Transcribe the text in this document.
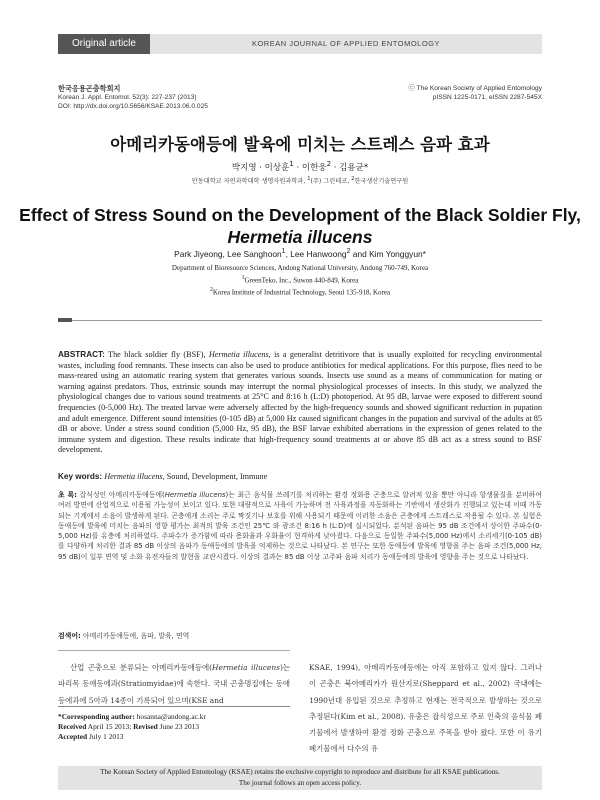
Original article	KOREAN JOURNAL OF APPLIED ENTOMOLOGY
한국응용곤충학회지
Korean J. Appl. Entomol. 52(3): 227-237 (2013)
DOI: http://dx.doi.org/10.5656/KSAE.2013.06.0.025
ⓒ The Korean Society of Applied Entomology
pISSN 1225-0171, eISSN 2287-545X
아메리카동애등에 발육에 미치는 스트레스 음파 효과
박지영 · 이상훈$^1$ · 이한웅$^2$ · 김용균*
안동대학교 자연과학대학 생명자원과학과, $^1$(주) 그린테코, $^2$한국생산기술연구원
Effect of Stress Sound on the Development of the Black Soldier Fly,
Hermetia illucens
Park Jiyeong, Lee Sanghoon$^1$, Lee Hanwoong$^2$ and Kim Yonggyun*
Department of Bioresource Sciences, Andong National University, Andong 760-749, Korea
$^1$GreenTeko, Inc., Suwon 440-849, Korea
$^2$Korea Institute of Industrial Technology, Seoul 135-918, Korea
ABSTRACT: The black soldier fly (BSF), Hermetia illucens, is a generalist detritivore that is usually exploited for recycling environmental wastes, including food remnants. These insects can also be used to produce antibiotics for medical applications. For this purpose, flies need to be mass-reared using an automatic rearing system that generates various sounds. Insects use sound as a means of communication for mating or warning against predators. Thus, extrinsic sounds may interrupt the normal physiological processes of insects. In this study, we analyzed the physiological changes due to various sound treatments at 25°C and 8:16 h (L:D) photoperiod. At 95 dB, larvae were exposed to different sound frequencies (0-5,000 Hz). The treated larvae were adversely affected by the high-frequency sounds and showed significant reduction in pupation and adult emergence. Different sound intensities (0-105 dB) at 5,000 Hz caused significant changes in the pupation and survival of the adults at 85 dB or above. Under a stress sound condition (5,000 Hz, 95 dB), the BSF larvae exhibited aberrations in the expression of genes related to the immune system and digestion. These results indicate that high-frequency sound treatments at or above 85 dB act as a stress sound to BSF development.
Key words: Hermetia illucens, Sound, Development, Immune
초 록: 잡식성인 아메리카동애등에(Hermetia illucens)는 최근 음식물 쓰레기를 처리하는 환경 정화용 곤충으로 알려져 있을 뿐만 아니라 항생물질을 분비하여 여러 방면에 산업적으로 이용될 가능성이 보이고 있다. 또한 대량적으로 사육이 가능하며 전 사육과정을 자동화하는 기반에서 생산화가 진행되고 있는데 이때 가동되는 기계에서 소음이 발생하게 된다. 곤충에게 소리는 주로 짝짓기나 보호를 위해 사용되기 때문에 이러한 소음은 곤충에게 스트레스로 작용될 수 있다. 본 실험은 동애등에 발육에 미치는 음파의 영향 평가는 최적의 발육 조건인 25℃ 와 광조건 8:16 h (L:D)에 실시되었다. 분석된 음파는 95 dB 조건에서 상이한 주파수(0-5,000 Hz)를 유충에 처리하였다. 주파수가 증가함에 따라 용화율과 우화율이 현격하게 낮아졌다. 다음으로 동일한 주파수(5,000 Hz)에서 소리세기(0-105 dB)를 다양하게 처리한 결과 85 dB 이상의 음파가 동애등에의 발육을 억제하는 것으로 나타났다. 본 연구는 또한 동애등에 발육에 영향을 주는 음파 조건(5,000 Hz, 95 dB)이 일부 면역 및 소화 유전자들의 발현을 교란시켰다. 이상의 결과는 85 dB 이상 고주파 음파 처리가 동애등에의 발육에 영향을 주는 것으로 나타났다.
검색어: 아메리카동애등에, 음파, 발육, 면역
산업 곤충으로 분류되는 아메리카동애등에(Hermetia illucens)는 파리목 동애등에과(Stratiomyidae)에 속한다. 국내 곤충명집에는 동애등에과에 5아과 14종이 기록되어 있으며(KSE and
KSAE, 1994), 아메리카동애등에는 아직 포함하고 있지 않다. 그러나 이 곤충은 북아메리카가 원산지로(Sheppard et al., 2002) 국내에는 1990년대 유입된 것으로 추정하고 현재는 전국적으로 발생하는 것으로 추정된다(Kim et al., 2008). 유충은 잡식성으로 주로 인축의 음식물 폐기물에서 발생하여 환경 정화 곤충으로 주목을 받아 왔다. 또한 이 유기 폐기물에서 다수의 유
*Corresponding author: hosanna@andong.ac.kr
Received April 15 2013; Revised June 23 2013
Accepted July 1 2013
The Korean Society of Applied Entomology (KSAE) retains the exclusive copyright to reproduce and distribute for all KSAE publications.
The journal follows an open access policy.
